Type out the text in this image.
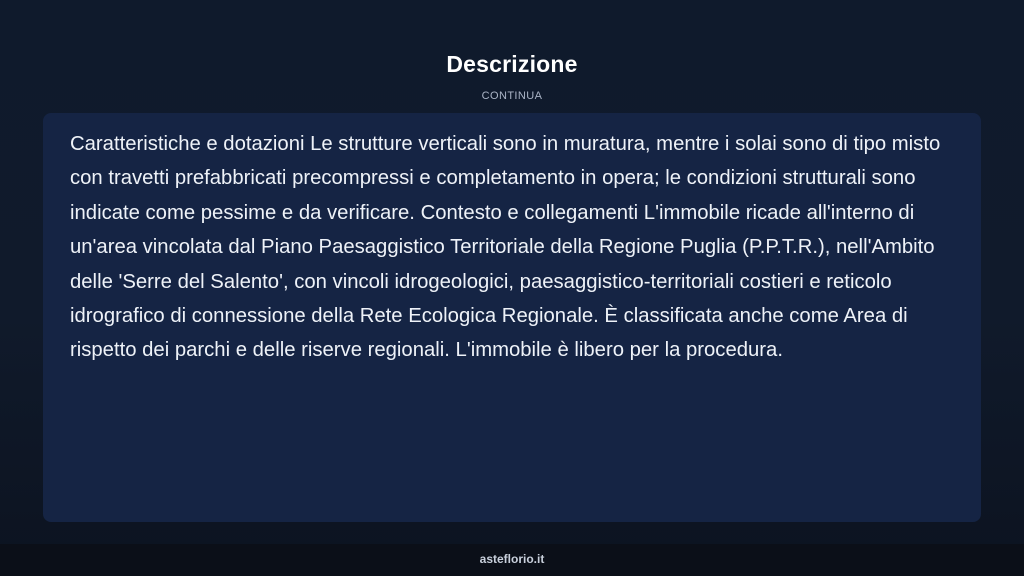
Descrizione
CONTINUA

Caratteristiche e dotazioni Le strutture verticali sono in muratura, mentre i solai sono di tipo misto con travetti prefabbricati precompressi e completamento in opera; le condizioni strutturali sono indicate come pessime e da verificare. Contesto e collegamenti L'immobile ricade all'interno di un'area vincolata dal Piano Paesaggistico Territoriale della Regione Puglia (P.P.T.R.), nell'Ambito delle 'Serre del Salento', con vincoli idrogeologici, paesaggistico-territoriali costieri e reticolo idrografico di connessione della Rete Ecologica Regionale. È classificata anche come Area di rispetto dei parchi e delle riserve regionali. L'immobile è libero per la procedura.

asteflorio.it
